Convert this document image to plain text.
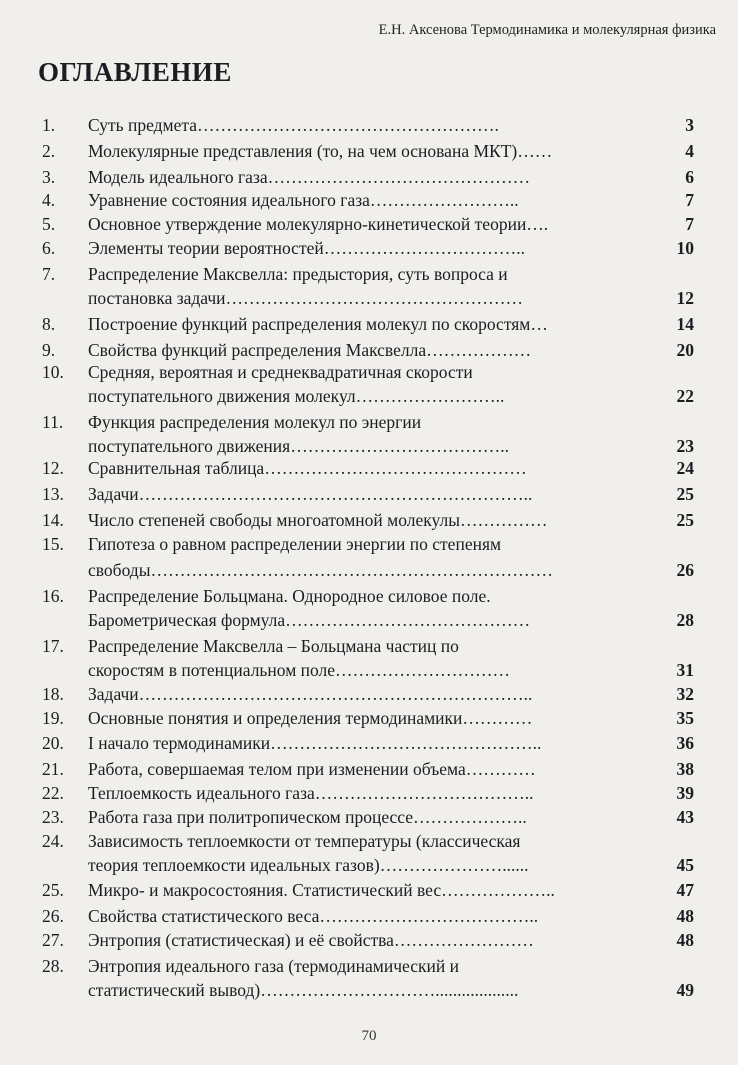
Е.Н. Аксенова Термодинамика и молекулярная физика
ОГЛАВЛЕНИЕ
1.	Суть предмета…………………………………………….	3
2.	Молекулярные представления (то, на чем основана МКТ)……	4
3.	Модель идеального газа………………………………………	6
4.	Уравнение состояния идеального газа……………………..	7
5.	Основное утверждение молекулярно-кинетической теории….	7
6.	Элементы теории вероятностей……………………………..	10
7.	Распределение Максвелла: предыстория, суть вопроса и
постановка задачи……………………………………………	12
8.	Построение функций распределения молекул по скоростям…	14
9.	Свойства функций распределения Максвелла………………	20
10.	Средняя, вероятная и среднеквадратичная скорости
поступательного движения молекул……………………..	22
11.	Функция распределения молекул по энергии
поступательного движения………………………………..	23
12.	Сравнительная таблица………………………………………	24
13.	Задачи…………………………………………………………..	25
14.	Число степеней свободы многоатомной молекулы……………	25
15.	Гипотеза о равном распределении энергии по степеням
свободы……………………………………………………………	26
16.	Распределение Больцмана. Однородное силовое поле.
Барометрическая формула……………………………………	28
17.	Распределение Максвелла – Больцмана частиц по
скоростям в потенциальном поле…………………………	31
18.	Задачи…………………………………………………………..	32
19.	Основные понятия и определения термодинамики…………	35
20.	I начало термодинамики………………………………………..	36
21.	Работа, совершаемая телом при изменении объема…………	38
22.	Теплоемкость идеального газа………………………………..	39
23.	Работа газа при политропическом процессе………………..	43
24.	Зависимость теплоемкости от температуры (классическая
теория теплоемкости идеальных газов)…………………......	45
25.	Микро- и макросостояния. Статистический вес………………..	47
26.	Свойства статистического веса………………………………..	48
27.	Энтропия (статистическая) и её свойства……………………	48
28.	Энтропия идеального газа (термодинамический и
статистический вывод)…………………………...................	49
70
